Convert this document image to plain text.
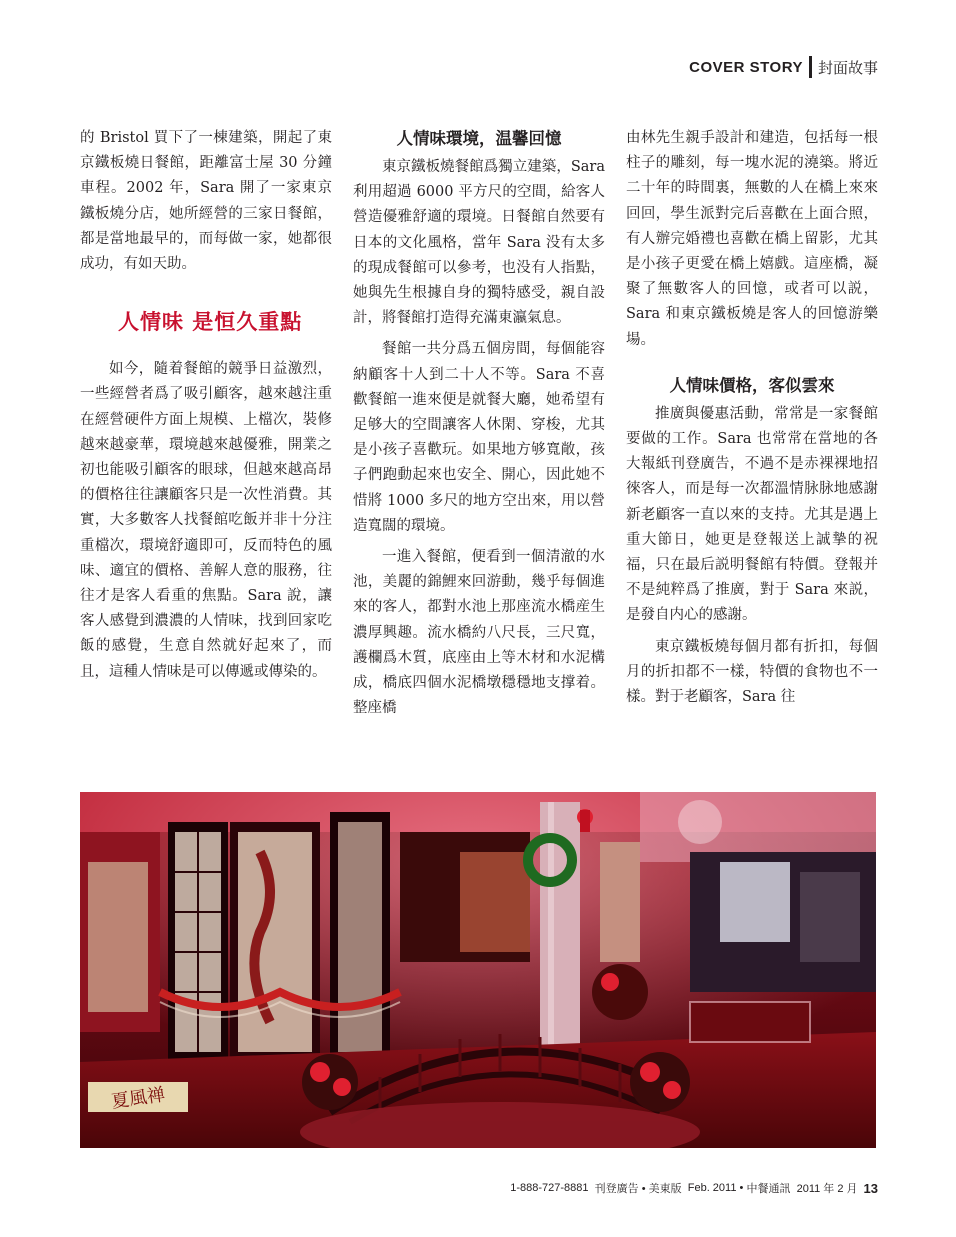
COVER STORY 封面故事

的 Bristol 買下了一棟建築，開起了東京鐵板燒日餐館，距離富士屋 30 分鐘車程。2002 年，Sara 開了一家東京鐵板燒分店，她所經營的三家日餐館，都是當地最早的，而每做一家，她都很成功，有如天助。

人情味 是恒久重點

如今，隨着餐館的競爭日益激烈，一些經營者爲了吸引顧客，越來越注重在經營硬件方面上規模、上檔次，裝修越來越豪華，環境越來越優雅，開業之初也能吸引顧客的眼球，但越來越高昂的價格往往讓顧客只是一次性消費。其實，大多數客人找餐館吃飯并非十分注重檔次，環境舒適即可，反而特色的風味、適宜的價格、善解人意的服務，往往才是客人看重的焦點。Sara 說，讓客人感覺到濃濃的人情味，找到回家吃飯的感覺，生意自然就好起來了，而且，這種人情味是可以傳遞或傳染的。

人情味環境，温馨回憶

東京鐵板燒餐館爲獨立建築，Sara 利用超過 6000 平方尺的空間，給客人營造優雅舒適的環境。日餐館自然要有日本的文化風格，當年 Sara 没有太多的現成餐館可以參考，也没有人指點，她與先生根據自身的獨特感受，親自設計，將餐館打造得充滿東瀛氣息。

餐館一共分爲五個房間，每個能容納顧客十人到二十人不等。Sara 不喜歡餐館一進來便是就餐大廳，她希望有足够大的空間讓客人休閑、穿梭，尤其是小孩子喜歡玩。如果地方够寬敞，孩子們跑動起來也安全、開心，因此她不惜將 1000 多尺的地方空出來，用以營造寬闊的環境。

一進入餐館，便看到一個清澈的水池，美麗的錦鯉來回游動，幾乎每個進來的客人，都對水池上那座流水橋産生濃厚興趣。流水橋約八尺長，三尺寬，護欄爲木質，底座由上等木材和水泥構成，橋底四個水泥橋墩穩穩地支撑着。整座橋

由林先生親手設計和建造，包括每一根柱子的雕刻，每一塊水泥的澆築。將近二十年的時間裏，無數的人在橋上來來回回，學生派對完后喜歡在上面合照，有人辦完婚禮也喜歡在橋上留影，尤其是小孩子更愛在橋上嬉戲。這座橋，凝聚了無數客人的回憶，或者可以説，Sara 和東京鐵板燒是客人的回憶游樂場。

人情味價格，客似雲來

推廣與優惠活動，常常是一家餐館要做的工作。Sara 也常常在當地的各大報紙刊登廣告，不過不是赤裸裸地招徠客人，而是每一次都溫情脉脉地感謝新老顧客一直以來的支持。尤其是遇上重大節日，她更是登報送上誠摯的祝福，只在最后説明餐館有特價。登報并不是純粹爲了推廣，對于 Sara 來説，是發自内心的感謝。

東京鐵板燒每個月都有折扣，每個月的折扣都不一樣，特價的食物也不一樣。對于老顧客，Sara 往

夏風禅
1-888-727-8881
刊登廣告 • 美東版
Feb. 2011
•
中餐通訊
2011 年 2 月 13
